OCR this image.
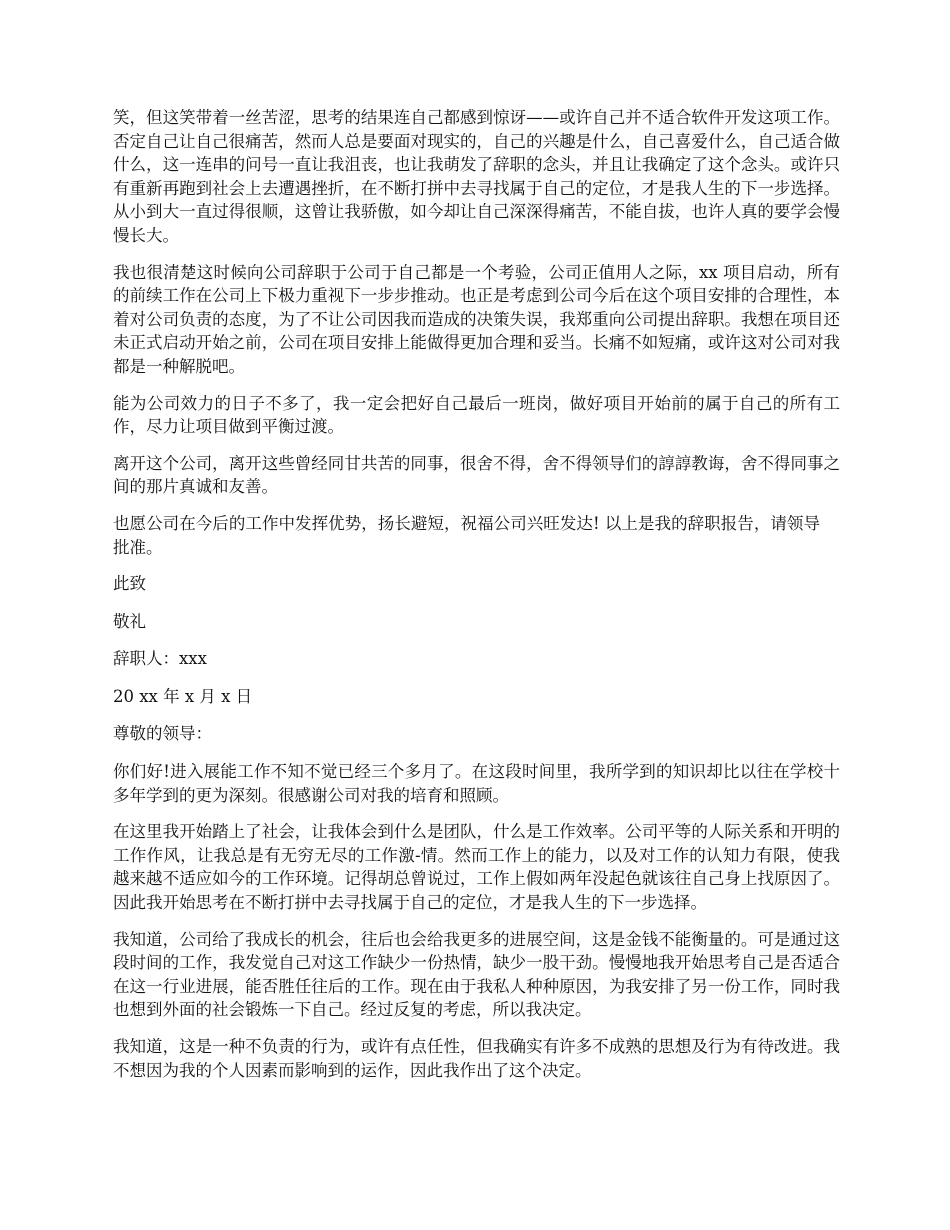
笑，但这笑带着一丝苦涩，思考的结果连自己都感到惊讶——或许自己并不适合软件开发这项工作。否定自己让自己很痛苦，然而人总是要面对现实的，自己的兴趣是什么，自己喜爱什么，自己适合做什么，这一连串的问号一直让我沮丧，也让我萌发了辞职的念头，并且让我确定了这个念头。或许只有重新再跑到社会上去遭遇挫折，在不断打拼中去寻找属于自己的定位，才是我人生的下一步选择。从小到大一直过得很顺，这曾让我骄傲，如今却让自己深深得痛苦，不能自拔，也许人真的要学会慢慢长大。

我也很清楚这时候向公司辞职于公司于自己都是一个考验，公司正值用人之际，xx 项目启动，所有的前续工作在公司上下极力重视下一步步推动。也正是考虑到公司今后在这个项目安排的合理性，本着对公司负责的态度，为了不让公司因我而造成的决策失误，我郑重向公司提出辞职。我想在项目还未正式启动开始之前，公司在项目安排上能做得更加合理和妥当。长痛不如短痛，或许这对公司对我都是一种解脱吧。

能为公司效力的日子不多了，我一定会把好自己最后一班岗，做好项目开始前的属于自己的所有工作，尽力让项目做到平衡过渡。

离开这个公司，离开这些曾经同甘共苦的同事，很舍不得，舍不得领导们的諄諄教诲，舍不得同事之间的那片真诚和友善。

也愿公司在今后的工作中发挥优势，扬长避短，祝福公司兴旺发达! 以上是我的辞职报告，请领导批准。

此致

敬礼

辞职人：xxx

20 xx 年 x 月 x 日

尊敬的领导：

你们好!进入展能工作不知不觉已经三个多月了。在这段时间里，我所学到的知识却比以往在学校十多年学到的更为深刻。很感谢公司对我的培育和照顾。

在这里我开始踏上了社会，让我体会到什么是团队，什么是工作效率。公司平等的人际关系和开明的工作作风，让我总是有无穷无尽的工作激-情。然而工作上的能力，以及对工作的认知力有限，使我越来越不适应如今的工作环境。记得胡总曾说过，工作上假如两年没起色就该往自己身上找原因了。因此我开始思考在不断打拼中去寻找属于自己的定位，才是我人生的下一步选择。

我知道，公司给了我成长的机会，往后也会给我更多的进展空间，这是金钱不能衡量的。可是通过这段时间的工作，我发觉自己对这工作缺少一份热情，缺少一股干劲。慢慢地我开始思考自己是否适合在这一行业进展，能否胜任往后的工作。现在由于我私人种种原因，为我安排了另一份工作，同时我也想到外面的社会锻炼一下自己。经过反复的考虑，所以我决定。

我知道，这是一种不负责的行为，或许有点任性，但我确实有许多不成熟的思想及行为有待改进。我不想因为我的个人因素而影响到的运作，因此我作出了这个决定。
